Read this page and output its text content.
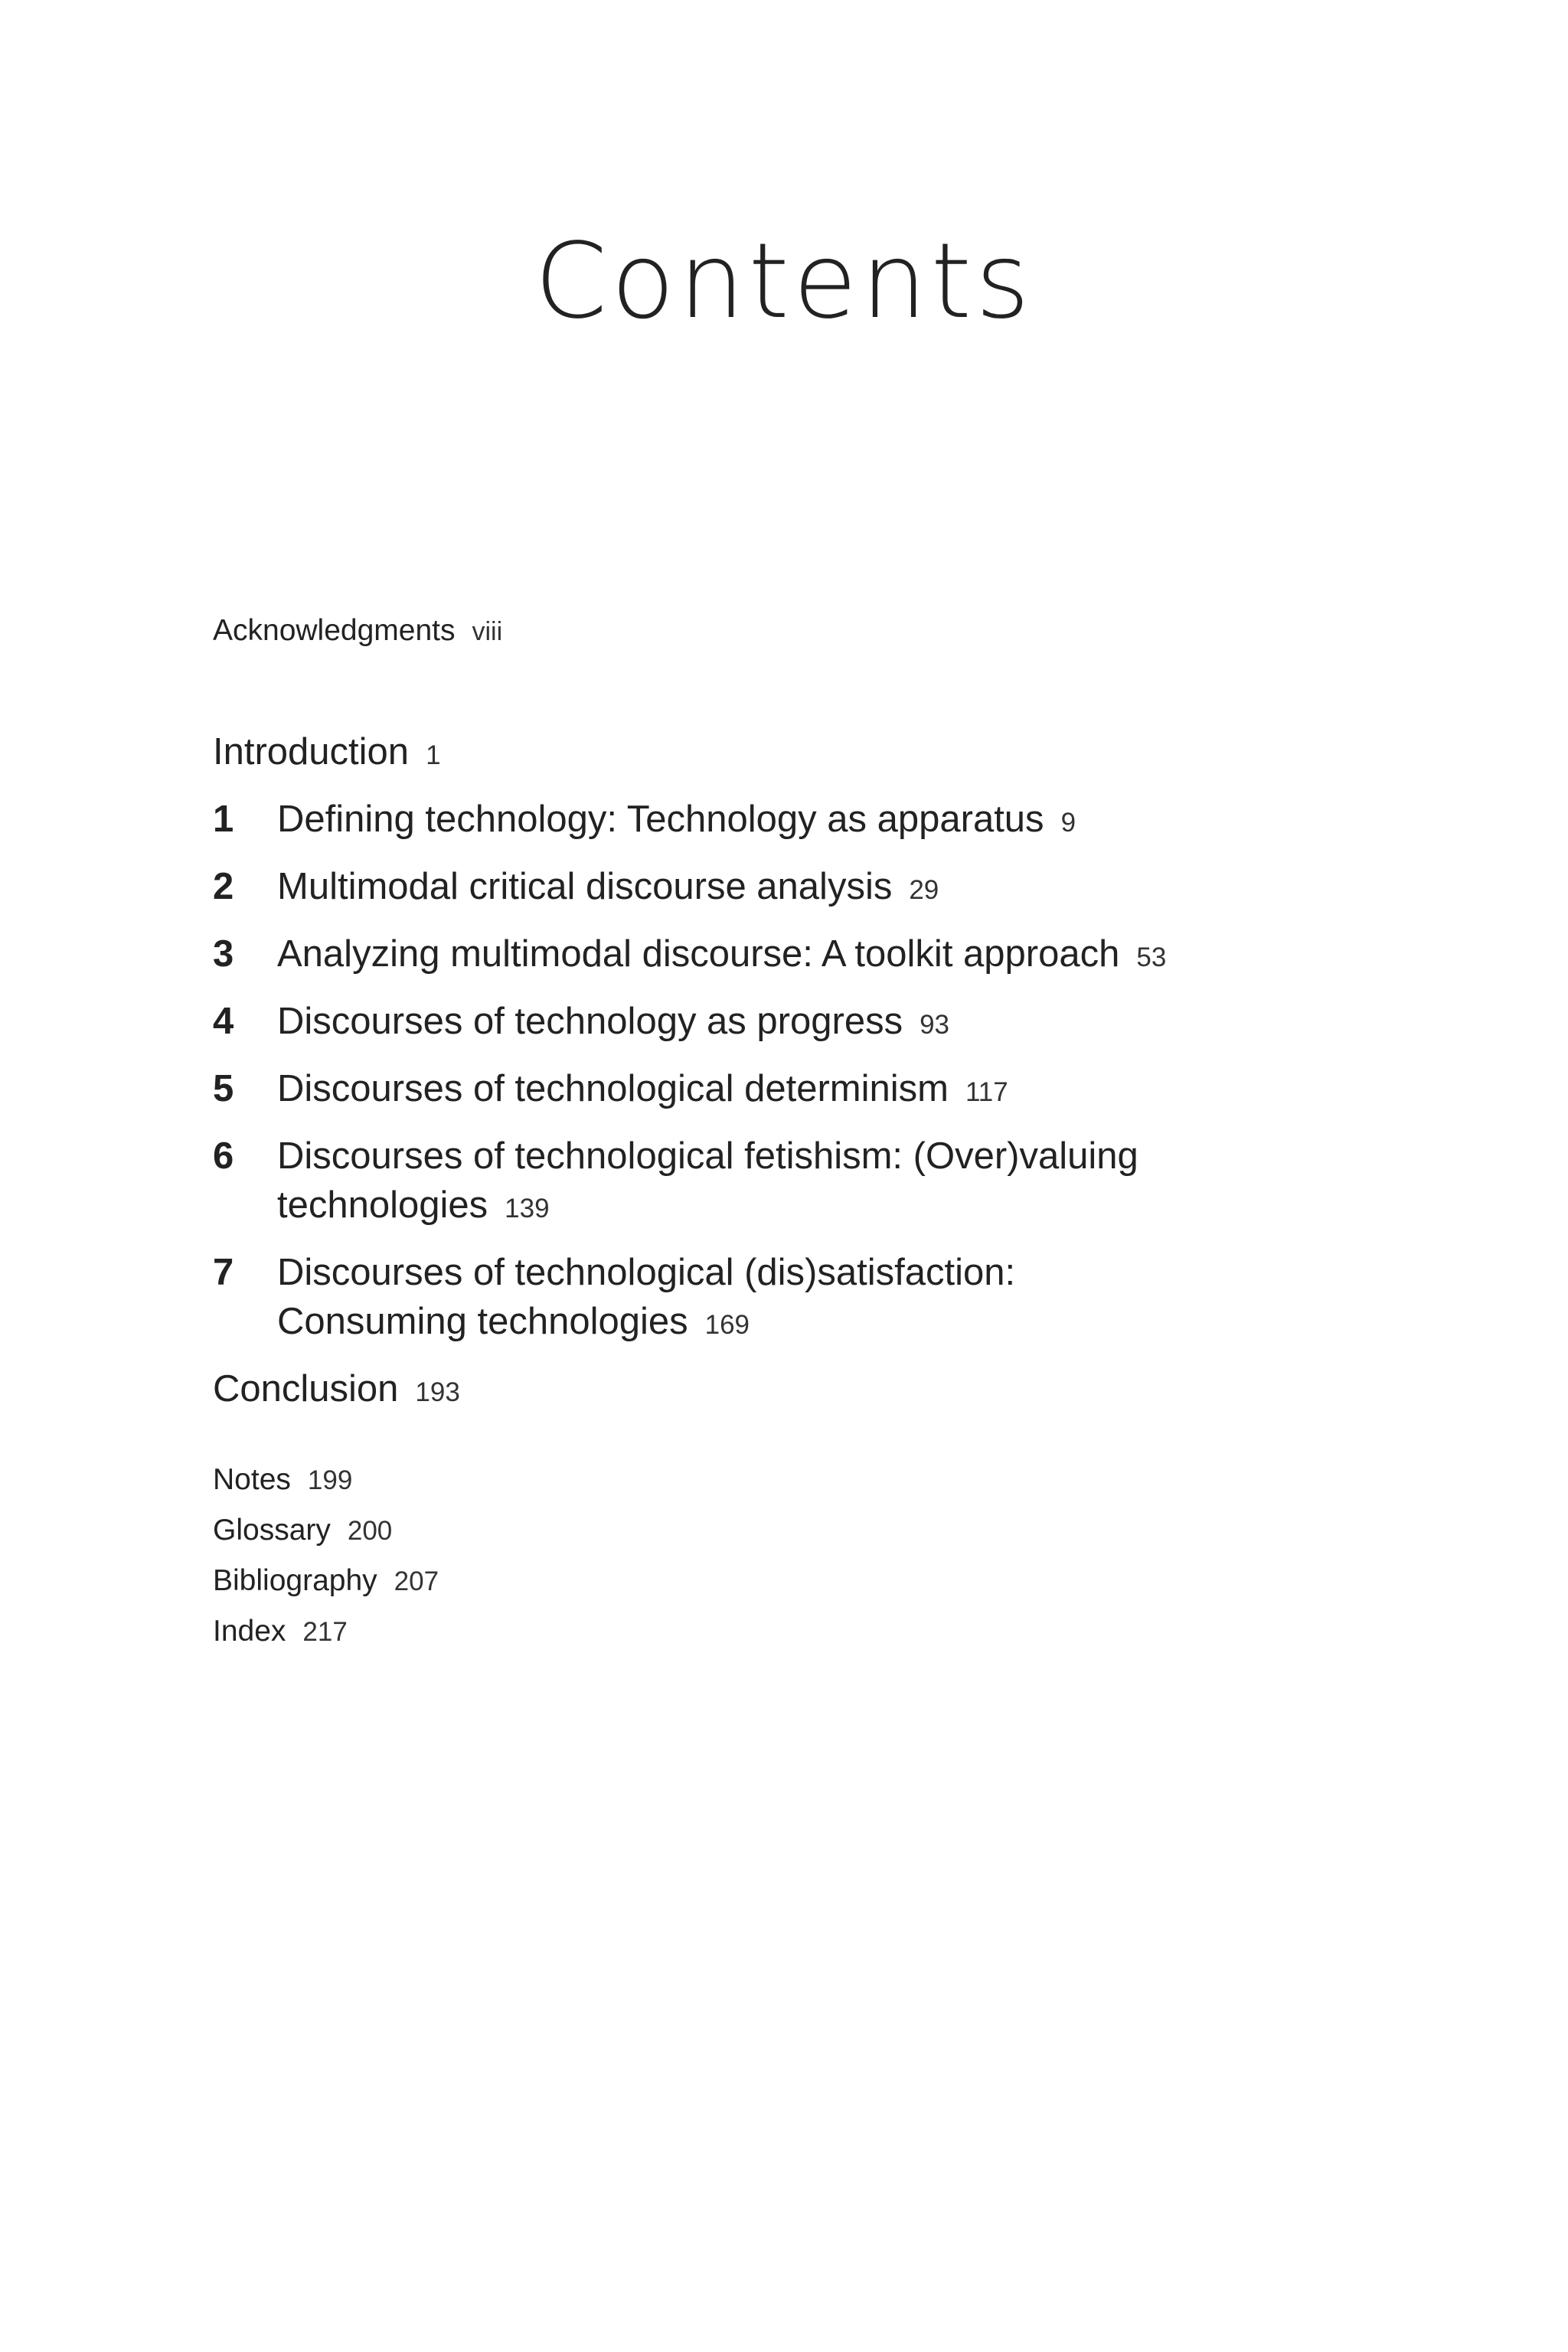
Contents
Acknowledgments viii
Introduction 1
1	Defining technology: Technology as apparatus 9
2	Multimodal critical discourse analysis 29
3	Analyzing multimodal discourse: A toolkit approach 53
4	Discourses of technology as progress 93
5	Discourses of technological determinism 117
6	Discourses of technological fetishism: (Over)valuing
technologies 139
7	Discourses of technological (dis)satisfaction:
Consuming technologies 169
Conclusion 193
Notes 199
Glossary 200
Bibliography 207
Index 217
